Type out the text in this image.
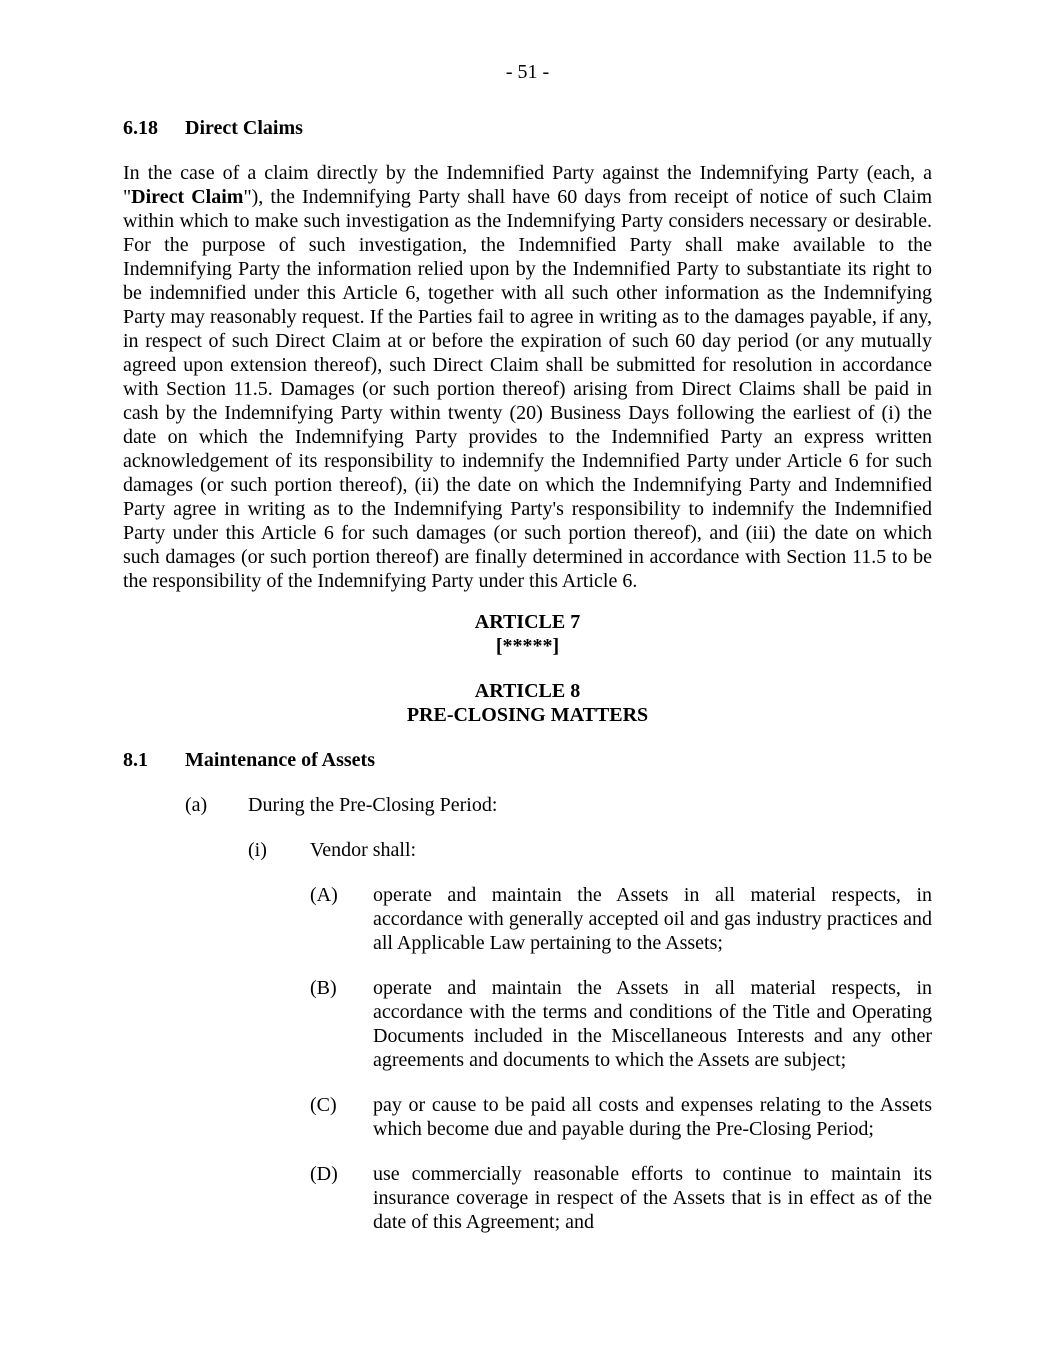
- 51 -
6.18 Direct Claims

In the case of a claim directly by the Indemnified Party against the Indemnifying Party (each, a "Direct Claim"), the Indemnifying Party shall have 60 days from receipt of notice of such Claim within which to make such investigation as the Indemnifying Party considers necessary or desirable. For the purpose of such investigation, the Indemnified Party shall make available to the Indemnifying Party the information relied upon by the Indemnified Party to substantiate its right to be indemnified under this Article 6, together with all such other information as the Indemnifying Party may reasonably request. If the Parties fail to agree in writing as to the damages payable, if any, in respect of such Direct Claim at or before the expiration of such 60 day period (or any mutually agreed upon extension thereof), such Direct Claim shall be submitted for resolution in accordance with Section 11.5. Damages (or such portion thereof) arising from Direct Claims shall be paid in cash by the Indemnifying Party within twenty (20) Business Days following the earliest of (i) the date on which the Indemnifying Party provides to the Indemnified Party an express written acknowledgement of its responsibility to indemnify the Indemnified Party under Article 6 for such damages (or such portion thereof), (ii) the date on which the Indemnifying Party and Indemnified Party agree in writing as to the Indemnifying Party's responsibility to indemnify the Indemnified Party under this Article 6 for such damages (or such portion thereof), and (iii) the date on which such damages (or such portion thereof) are finally determined in accordance with Section 11.5 to be the responsibility of the Indemnifying Party under this Article 6.

ARTICLE 7
[*****]
ARTICLE 8
PRE-CLOSING MATTERS
8.1 Maintenance of Assets
(a)	During the Pre-Closing Period:
(i)	Vendor shall:
(A)	operate and maintain the Assets in all material respects, in accordance with generally accepted oil and gas industry practices and all Applicable Law pertaining to the Assets;
(B)	operate and maintain the Assets in all material respects, in accordance with the terms and conditions of the Title and Operating Documents included in the Miscellaneous Interests and any other agreements and documents to which the Assets are subject;
(C)	pay or cause to be paid all costs and expenses relating to the Assets which become due and payable during the Pre-Closing Period;
(D)	use commercially reasonable efforts to continue to maintain its insurance coverage in respect of the Assets that is in effect as of the date of this Agreement; and
